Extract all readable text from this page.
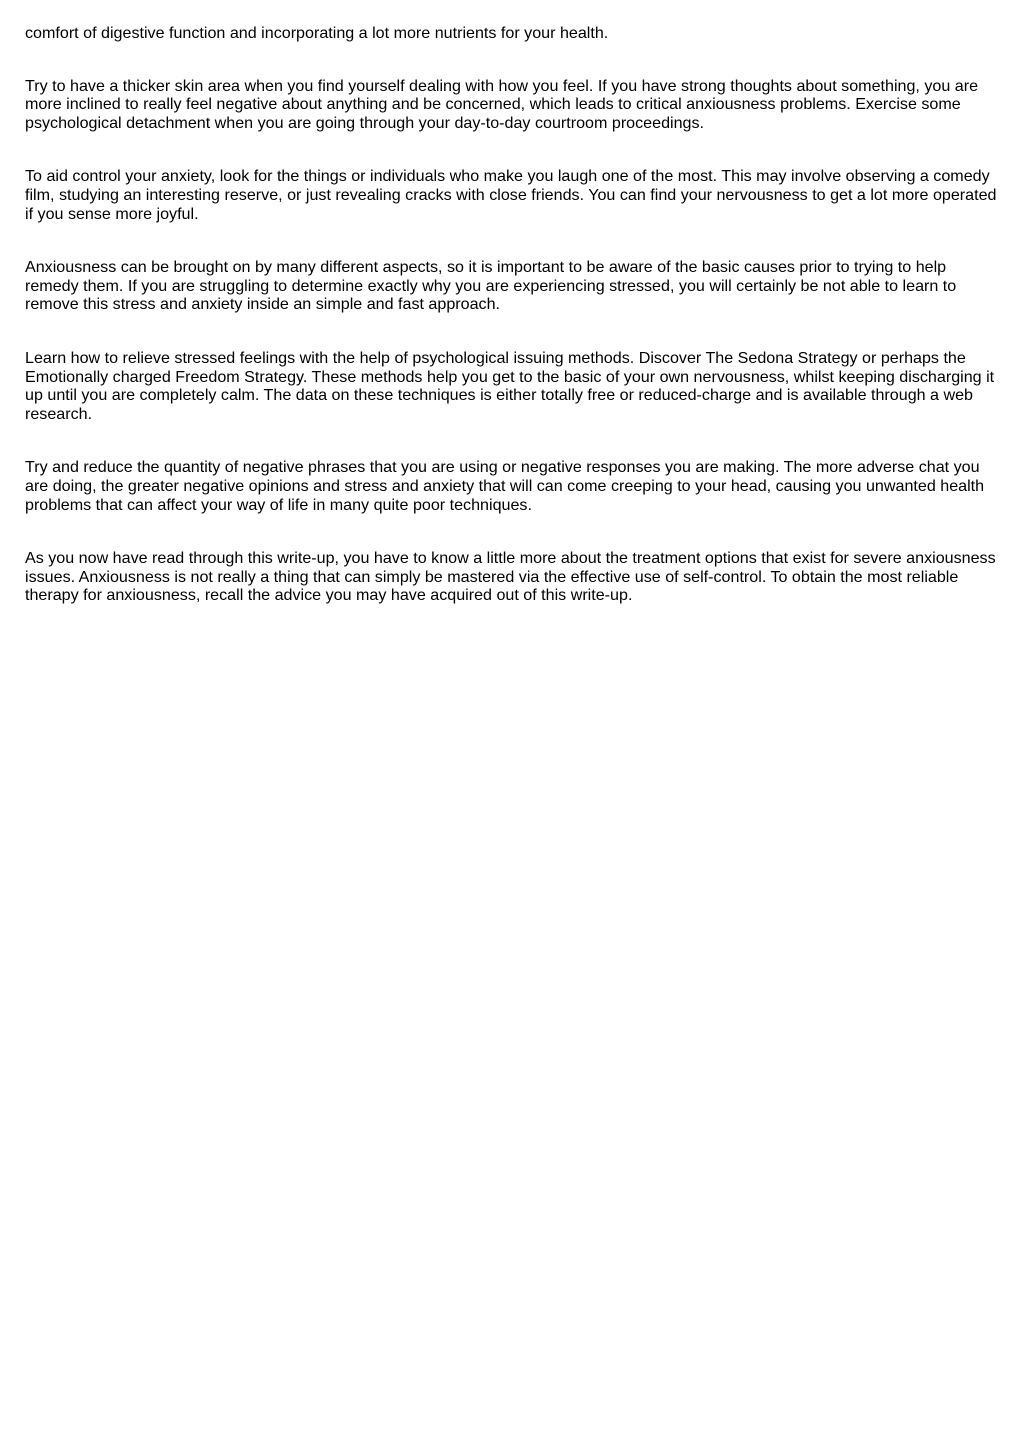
comfort of digestive function and incorporating a lot more nutrients for your health.

Try to have a thicker skin area when you find yourself dealing with how you feel. If you have strong thoughts about something, you are more inclined to really feel negative about anything and be concerned, which leads to critical anxiousness problems. Exercise some psychological detachment when you are going through your day-to-day courtroom proceedings.

To aid control your anxiety, look for the things or individuals who make you laugh one of the most. This may involve observing a comedy film, studying an interesting reserve, or just revealing cracks with close friends. You can find your nervousness to get a lot more operated if you sense more joyful.

Anxiousness can be brought on by many different aspects, so it is important to be aware of the basic causes prior to trying to help remedy them. If you are struggling to determine exactly why you are experiencing stressed, you will certainly be not able to learn to remove this stress and anxiety inside an simple and fast approach.

Learn how to relieve stressed feelings with the help of psychological issuing methods. Discover The Sedona Strategy or perhaps the Emotionally charged Freedom Strategy. These methods help you get to the basic of your own nervousness, whilst keeping discharging it up until you are completely calm. The data on these techniques is either totally free or reduced-charge and is available through a web research.

Try and reduce the quantity of negative phrases that you are using or negative responses you are making. The more adverse chat you are doing, the greater negative opinions and stress and anxiety that will can come creeping to your head, causing you unwanted health problems that can affect your way of life in many quite poor techniques.

As you now have read through this write-up, you have to know a little more about the treatment options that exist for severe anxiousness issues. Anxiousness is not really a thing that can simply be mastered via the effective use of self-control. To obtain the most reliable therapy for anxiousness, recall the advice you may have acquired out of this write-up.
